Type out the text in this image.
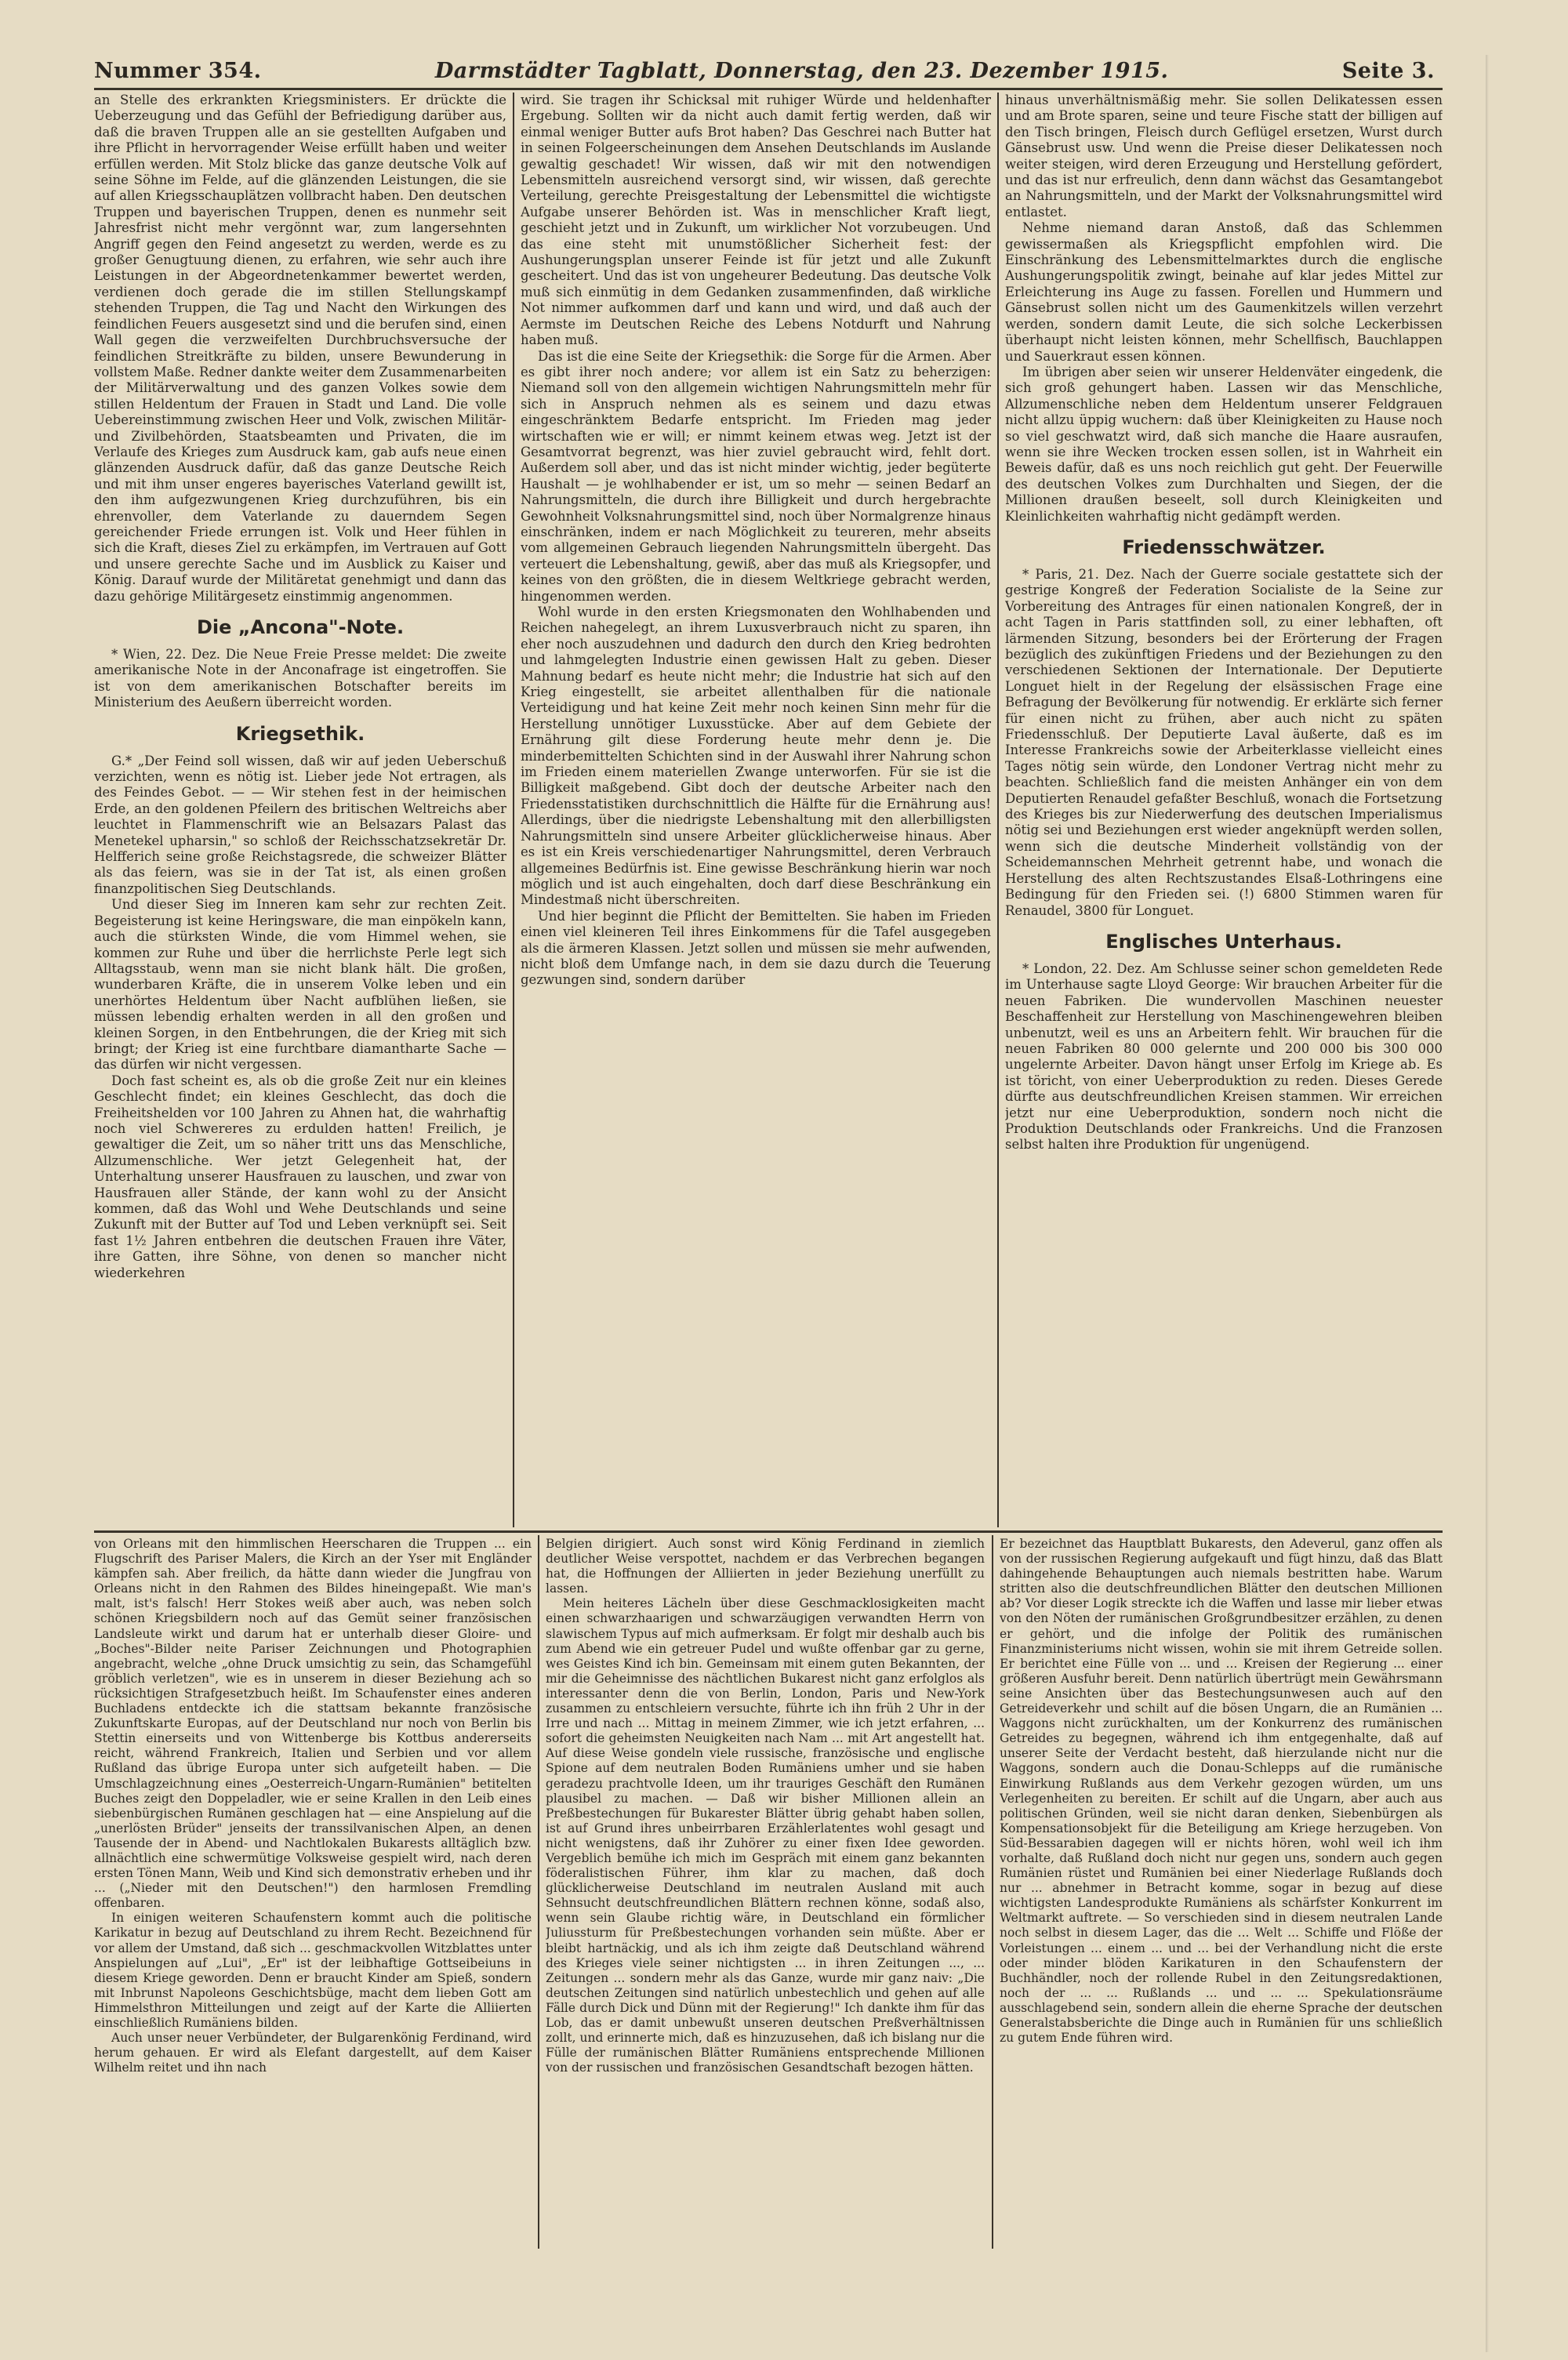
Nummer 354.	Darmstädter Tagblatt, Donnerstag, den 23. Dezember 1915.	Seite 3.

an Stelle des erkrankten Kriegsministers. Er drückte die Ueberzeugung und das Gefühl der Befriedigung darüber aus, daß die braven Truppen alle an sie gestellten Aufgaben und ihre Pflicht in hervorragender Weise erfüllt haben und weiter erfüllen werden. Mit Stolz blicke das ganze deutsche Volk auf seine Söhne im Felde, auf die glänzenden Leistungen, die sie auf allen Kriegsschauplätzen vollbracht haben. Den deutschen Truppen und bayerischen Truppen, denen es nunmehr seit Jahresfrist nicht mehr vergönnt war, zum langersehnten Angriff gegen den Feind angesetzt zu werden, werde es zu großer Genugtuung dienen, zu erfahren, wie sehr auch ihre Leistungen in der Abgeordnetenkammer bewertet werden, verdienen doch gerade die im stillen Stellungskampf stehenden Truppen, die Tag und Nacht den Wirkungen des feindlichen Feuers ausgesetzt sind und die berufen sind, einen Wall gegen die verzweifelten Durchbruchsversuche der feindlichen Streitkräfte zu bilden, unsere Bewunderung in vollstem Maße. Redner dankte weiter dem Zusammenarbeiten der Militärverwaltung und des ganzen Volkes sowie dem stillen Heldentum der Frauen in Stadt und Land. Die volle Uebereinstimmung zwischen Heer und Volk, zwischen Militär- und Zivilbehörden, Staatsbeamten und Privaten, die im Verlaufe des Krieges zum Ausdruck kam, gab aufs neue einen glänzenden Ausdruck dafür, daß das ganze Deutsche Reich und mit ihm unser engeres bayerisches Vaterland gewillt ist, den ihm aufgezwungenen Krieg durchzuführen, bis ein ehrenvoller, dem Vaterlande zu dauerndem Segen gereichender Friede errungen ist. Volk und Heer fühlen in sich die Kraft, dieses Ziel zu erkämpfen, im Vertrauen auf Gott und unsere gerechte Sache und im Ausblick zu Kaiser und König. Darauf wurde der Militäretat genehmigt und dann das dazu gehörige Militärgesetz einstimmig angenommen.

Die „Ancona"-Note.

* Wien, 22. Dez. Die Neue Freie Presse meldet: Die zweite amerikanische Note in der Anconafrage ist eingetroffen. Sie ist von dem amerikanischen Botschafter bereits im Ministerium des Aeußern überreicht worden.

Kriegsethik.

G.* „Der Feind soll wissen, daß wir auf jeden Ueberschuß verzichten, wenn es nötig ist. Lieber jede Not ertragen, als des Feindes Gebot. — — Wir stehen fest in der heimischen Erde, an den goldenen Pfeilern des britischen Weltreichs aber leuchtet in Flammenschrift wie an Belsazars Palast das Menetekel upharsin," so schloß der Reichsschatzsekretär Dr. Helfferich seine große Reichstagsrede, die schweizer Blätter als das feiern, was sie in der Tat ist, als einen großen finanzpolitischen Sieg Deutschlands.

Und dieser Sieg im Inneren kam sehr zur rechten Zeit. Begeisterung ist keine Heringsware, die man einpökeln kann, auch die stürksten Winde, die vom Himmel wehen, sie kommen zur Ruhe und über die herrlichste Perle legt sich Alltagsstaub, wenn man sie nicht blank hält. Die großen, wunderbaren Kräfte, die in unserem Volke leben und ein unerhörtes Heldentum über Nacht aufblühen ließen, sie müssen lebendig erhalten werden in all den großen und kleinen Sorgen, in den Entbehrungen, die der Krieg mit sich bringt; der Krieg ist eine furchtbare diamantharte Sache — das dürfen wir nicht vergessen.

Doch fast scheint es, als ob die große Zeit nur ein kleines Geschlecht findet; ein kleines Geschlecht, das doch die Freiheitshelden vor 100 Jahren zu Ahnen hat, die wahrhaftig noch viel Schwereres zu erdulden hatten! Freilich, je gewaltiger die Zeit, um so näher tritt uns das Menschliche, Allzumenschliche. Wer jetzt Gelegenheit hat, der Unterhaltung unserer Hausfrauen zu lauschen, und zwar von Hausfrauen aller Stände, der kann wohl zu der Ansicht kommen, daß das Wohl und Wehe Deutschlands und seine Zukunft mit der Butter auf Tod und Leben verknüpft sei. Seit fast 1½ Jahren entbehren die deutschen Frauen ihre Väter, ihre Gatten, ihre Söhne, von denen so mancher nicht wiederkehren

wird. Sie tragen ihr Schicksal mit ruhiger Würde und heldenhafter Ergebung. Sollten wir da nicht auch damit fertig werden, daß wir einmal weniger Butter aufs Brot haben? Das Geschrei nach Butter hat in seinen Folgeerscheinungen dem Ansehen Deutschlands im Auslande gewaltig geschadet! Wir wissen, daß wir mit den notwendigen Lebensmitteln ausreichend versorgt sind, wir wissen, daß gerechte Verteilung, gerechte Preisgestaltung der Lebensmittel die wichtigste Aufgabe unserer Behörden ist. Was in menschlicher Kraft liegt, geschieht jetzt und in Zukunft, um wirklicher Not vorzubeugen. Und das eine steht mit unumstößlicher Sicherheit fest: der Aushungerungsplan unserer Feinde ist für jetzt und alle Zukunft gescheitert. Und das ist von ungeheurer Bedeutung. Das deutsche Volk muß sich einmütig in dem Gedanken zusammenfinden, daß wirkliche Not nimmer aufkommen darf und kann und wird, und daß auch der Aermste im Deutschen Reiche des Lebens Notdurft und Nahrung haben muß.

Das ist die eine Seite der Kriegsethik: die Sorge für die Armen. Aber es gibt ihrer noch andere; vor allem ist ein Satz zu beherzigen: Niemand soll von den allgemein wichtigen Nahrungsmitteln mehr für sich in Anspruch nehmen als es seinem und dazu etwas eingeschränktem Bedarfe entspricht. Im Frieden mag jeder wirtschaften wie er will; er nimmt keinem etwas weg. Jetzt ist der Gesamtvorrat begrenzt, was hier zuviel gebraucht wird, fehlt dort. Außerdem soll aber, und das ist nicht minder wichtig, jeder begüterte Haushalt — je wohlhabender er ist, um so mehr — seinen Bedarf an Nahrungsmitteln, die durch ihre Billigkeit und durch hergebrachte Gewohnheit Volksnahrungsmittel sind, noch über Normalgrenze hinaus einschränken, indem er nach Möglichkeit zu teureren, mehr abseits vom allgemeinen Gebrauch liegenden Nahrungsmitteln übergeht. Das verteuert die Lebenshaltung, gewiß, aber das muß als Kriegsopfer, und keines von den größten, die in diesem Weltkriege gebracht werden, hingenommen werden.

Wohl wurde in den ersten Kriegsmonaten den Wohlhabenden und Reichen nahegelegt, an ihrem Luxusverbrauch nicht zu sparen, ihn eher noch auszudehnen und dadurch den durch den Krieg bedrohten und lahmgelegten Industrie einen gewissen Halt zu geben. Dieser Mahnung bedarf es heute nicht mehr; die Industrie hat sich auf den Krieg eingestellt, sie arbeitet allenthalben für die nationale Verteidigung und hat keine Zeit mehr noch keinen Sinn mehr für die Herstellung unnötiger Luxusstücke. Aber auf dem Gebiete der Ernährung gilt diese Forderung heute mehr denn je. Die minderbemittelten Schichten sind in der Auswahl ihrer Nahrung schon im Frieden einem materiellen Zwange unterworfen. Für sie ist die Billigkeit maßgebend. Gibt doch der deutsche Arbeiter nach den Friedensstatistiken durchschnittlich die Hälfte für die Ernährung aus! Allerdings, über die niedrigste Lebenshaltung mit den allerbilligsten Nahrungsmitteln sind unsere Arbeiter glücklicherweise hinaus. Aber es ist ein Kreis verschiedenartiger Nahrungsmittel, deren Verbrauch allgemeines Bedürfnis ist. Eine gewisse Beschränkung hierin war noch möglich und ist auch eingehalten, doch darf diese Beschränkung ein Mindestmaß nicht überschreiten.

Und hier beginnt die Pflicht der Bemittelten. Sie haben im Frieden einen viel kleineren Teil ihres Einkommens für die Tafel ausgegeben als die ärmeren Klassen. Jetzt sollen und müssen sie mehr aufwenden, nicht bloß dem Umfange nach, in dem sie dazu durch die Teuerung gezwungen sind, sondern darüber

hinaus unverhältnismäßig mehr. Sie sollen Delikatessen essen und am Brote sparen, seine und teure Fische statt der billigen auf den Tisch bringen, Fleisch durch Geflügel ersetzen, Wurst durch Gänsebrust usw. Und wenn die Preise dieser Delikatessen noch weiter steigen, wird deren Erzeugung und Herstellung gefördert, und das ist nur erfreulich, denn dann wächst das Gesamtangebot an Nahrungsmitteln, und der Markt der Volksnahrungsmittel wird entlastet.

Nehme niemand daran Anstoß, daß das Schlemmen gewissermaßen als Kriegspflicht empfohlen wird. Die Einschränkung des Lebensmittelmarktes durch die englische Aushungerungspolitik zwingt, beinahe auf klar jedes Mittel zur Erleichterung ins Auge zu fassen. Forellen und Hummern und Gänsebrust sollen nicht um des Gaumenkitzels willen verzehrt werden, sondern damit Leute, die sich solche Leckerbissen überhaupt nicht leisten können, mehr Schellfisch, Bauchlappen und Sauerkraut essen können.

Im übrigen aber seien wir unserer Heldenväter eingedenk, die sich groß gehungert haben. Lassen wir das Menschliche, Allzumenschliche neben dem Heldentum unserer Feldgrauen nicht allzu üppig wuchern: daß über Kleinigkeiten zu Hause noch so viel geschwatzt wird, daß sich manche die Haare ausraufen, wenn sie ihre Wecken trocken essen sollen, ist in Wahrheit ein Beweis dafür, daß es uns noch reichlich gut geht. Der Feuerwille des deutschen Volkes zum Durchhalten und Siegen, der die Millionen draußen beseelt, soll durch Kleinigkeiten und Kleinlichkeiten wahrhaftig nicht gedämpft werden.

Friedensschwätzer.

* Paris, 21. Dez. Nach der Guerre sociale gestattete sich der gestrige Kongreß der Federation Socialiste de la Seine zur Vorbereitung des Antrages für einen nationalen Kongreß, der in acht Tagen in Paris stattfinden soll, zu einer lebhaften, oft lärmenden Sitzung, besonders bei der Erörterung der Fragen bezüglich des zukünftigen Friedens und der Beziehungen zu den verschiedenen Sektionen der Internationale. Der Deputierte Longuet hielt in der Regelung der elsässischen Frage eine Befragung der Bevölkerung für notwendig. Er erklärte sich ferner für einen nicht zu frühen, aber auch nicht zu späten Friedensschluß. Der Deputierte Laval äußerte, daß es im Interesse Frankreichs sowie der Arbeiterklasse vielleicht eines Tages nötig sein würde, den Londoner Vertrag nicht mehr zu beachten. Schließlich fand die meisten Anhänger ein von dem Deputierten Renaudel gefaßter Beschluß, wonach die Fortsetzung des Krieges bis zur Niederwerfung des deutschen Imperialismus nötig sei und Beziehungen erst wieder angeknüpft werden sollen, wenn sich die deutsche Minderheit vollständig von der Scheidemannschen Mehrheit getrennt habe, und wonach die Herstellung des alten Rechtszustandes Elsaß-Lothringens eine Bedingung für den Frieden sei. (!) 6800 Stimmen waren für Renaudel, 3800 für Longuet.

Englisches Unterhaus.

* London, 22. Dez. Am Schlusse seiner schon gemeldeten Rede im Unterhause sagte Lloyd George: Wir brauchen Arbeiter für die neuen Fabriken. Die wundervollen Maschinen neuester Beschaffenheit zur Herstellung von Maschinengewehren bleiben unbenutzt, weil es uns an Arbeitern fehlt. Wir brauchen für die neuen Fabriken 80 000 gelernte und 200 000 bis 300 000 ungelernte Arbeiter. Davon hängt unser Erfolg im Kriege ab. Es ist töricht, von einer Ueberproduktion zu reden. Dieses Gerede dürfte aus deutschfreundlichen Kreisen stammen. Wir erreichen jetzt nur eine Ueberproduktion, sondern noch nicht die Produktion Deutschlands oder Frankreichs. Und die Franzosen selbst halten ihre Produktion für ungenügend.

von Orleans mit den himmlischen Heerscharen die Truppen ... ein Flugschrift des Pariser Malers, die Kirch an der Yser mit Engländer kämpfen sah. Aber freilich, da hätte dann wieder die Jungfrau von Orleans nicht in den Rahmen des Bildes hineingepaßt. Wie man's malt, ist's falsch! Herr Stokes weiß aber auch, was neben solch schönen Kriegsbildern noch auf das Gemüt seiner französischen Landsleute wirkt und darum hat er unterhalb dieser Gloire- und „Boches"-Bilder neite Pariser Zeichnungen und Photographien angebracht, welche „ohne Druck umsichtig zu sein, das Schamgefühl gröblich verletzen", wie es in unserem in dieser Beziehung ach so rücksichtigen Strafgesetzbuch heißt. Im Schaufenster eines anderen Buchladens entdeckte ich die stattsam bekannte französische Zukunftskarte Europas, auf der Deutschland nur noch von Berlin bis Stettin einerseits und von Wittenberge bis Kottbus andererseits reicht, während Frankreich, Italien und Serbien und vor allem Rußland das übrige Europa unter sich aufgeteilt haben. — Die Umschlagzeichnung eines „Oesterreich-Ungarn-Rumänien" betitelten Buches zeigt den Doppeladler, wie er seine Krallen in den Leib eines siebenbürgischen Rumänen geschlagen hat — eine Anspielung auf die „unerlösten Brüder" jenseits der transsilvanischen Alpen, an denen Tausende der in Abend- und Nachtlokalen Bukarests alltäglich bzw. allnächtlich eine schwermütige Volksweise gespielt wird, nach deren ersten Tönen Mann, Weib und Kind sich demonstrativ erheben und ihr ... („Nieder mit den Deutschen!") den harmlosen Fremdling offenbaren.

In einigen weiteren Schaufenstern kommt auch die politische Karikatur in bezug auf Deutschland zu ihrem Recht. Bezeichnend für vor allem der Umstand, daß sich ... geschmackvollen Witzblattes unter Anspielungen auf „Lui", „Er" ist der leibhaftige Gottseibeiuns in diesem Kriege geworden. Denn er braucht Kinder am Spieß, sondern mit Inbrunst Napoleons Geschichtsbüge, macht dem lieben Gott am Himmelsthron Mitteilungen und zeigt auf der Karte die Alliierten einschließlich Rumäniens bilden.

Auch unser neuer Verbündeter, der Bulgarenkönig Ferdinand, wird herum gehauen. Er wird als Elefant dargestellt, auf dem Kaiser Wilhelm reitet und ihn nach

Belgien dirigiert. Auch sonst wird König Ferdinand in ziemlich deutlicher Weise verspottet, nachdem er das Verbrechen begangen hat, die Hoffnungen der Alliierten in jeder Beziehung unerfüllt zu lassen.

Mein heiteres Lächeln über diese Geschmacklosigkeiten macht einen schwarzhaarigen und schwarzäugigen verwandten Herrn von slawischem Typus auf mich aufmerksam. Er folgt mir deshalb auch bis zum Abend wie ein getreuer Pudel und wußte offenbar gar zu gerne, wes Geistes Kind ich bin. Gemeinsam mit einem guten Bekannten, der mir die Geheimnisse des nächtlichen Bukarest nicht ganz erfolglos als interessanter denn die von Berlin, London, Paris und New-York zusammen zu entschleiern versuchte, führte ich ihn früh 2 Uhr in der Irre und nach ... Mittag in meinem Zimmer, wie ich jetzt erfahren, ... sofort die geheimsten Neuigkeiten nach Nam ... mit Art angestellt hat. Auf diese Weise gondeln viele russische, französische und englische Spione auf dem neutralen Boden Rumäniens umher und sie haben geradezu prachtvolle Ideen, um ihr trauriges Geschäft den Rumänen plausibel zu machen. — Daß wir bisher Millionen allein an Preßbestechungen für Bukarester Blätter übrig gehabt haben sollen, ist auf Grund ihres unbeirrbaren Erzählerlatentes wohl gesagt und nicht wenigstens, daß ihr Zuhörer zu einer fixen Idee geworden. Vergeblich bemühe ich mich im Gespräch mit einem ganz bekannten föderalistischen Führer, ihm klar zu machen, daß doch glücklicherweise Deutschland im neutralen Ausland mit auch Sehnsucht deutschfreundlichen Blättern rechnen könne, sodaß also, wenn sein Glaube richtig wäre, in Deutschland ein förmlicher Juliussturm für Preßbestechungen vorhanden sein müßte. Aber er bleibt hartnäckig, und als ich ihm zeigte daß Deutschland während des Krieges viele seiner nichtigsten ... in ihren Zeitungen ..., ... Zeitungen ... sondern mehr als das Ganze, wurde mir ganz naiv: „Die deutschen Zeitungen sind natürlich unbestechlich und gehen auf alle Fälle durch Dick und Dünn mit der Regierung!" Ich dankte ihm für das Lob, das er damit unbewußt unseren deutschen Preßverhältnissen zollt, und erinnerte mich, daß es hinzuzusehen, daß ich bislang nur die Fülle der rumänischen Blätter Rumäniens entsprechende Millionen von der russischen und französischen Gesandtschaft bezogen hätten.

Er bezeichnet das Hauptblatt Bukarests, den Adeverul, ganz offen als von der russischen Regierung aufgekauft und fügt hinzu, daß das Blatt dahingehende Behauptungen auch niemals bestritten habe. Warum stritten also die deutschfreundlichen Blätter den deutschen Millionen ab? Vor dieser Logik streckte ich die Waffen und lasse mir lieber etwas von den Nöten der rumänischen Großgrundbesitzer erzählen, zu denen er gehört, und die infolge der Politik des rumänischen Finanzministeriums nicht wissen, wohin sie mit ihrem Getreide sollen. Er berichtet eine Fülle von ... und ... Kreisen der Regierung ... einer größeren Ausfuhr bereit. Denn natürlich übertrügt mein Gewährsmann seine Ansichten über das Bestechungsunwesen auch auf den Getreideverkehr und schilt auf die bösen Ungarn, die an Rumänien ... Waggons nicht zurückhalten, um der Konkurrenz des rumänischen Getreides zu begegnen, während ich ihm entgegenhalte, daß auf unserer Seite der Verdacht besteht, daß hierzulande nicht nur die Waggons, sondern auch die Donau-Schlepps auf die rumänische Einwirkung Rußlands aus dem Verkehr gezogen würden, um uns Verlegenheiten zu bereiten. Er schilt auf die Ungarn, aber auch aus politischen Gründen, weil sie nicht daran denken, Siebenbürgen als Kompensationsobjekt für die Beteiligung am Kriege herzugeben. Von Süd-Bessarabien dagegen will er nichts hören, wohl weil ich ihm vorhalte, daß Rußland doch nicht nur gegen uns, sondern auch gegen Rumänien rüstet und Rumänien bei einer Niederlage Rußlands doch nur ... abnehmer in Betracht komme, sogar in bezug auf diese wichtigsten Landesprodukte Rumäniens als schärfster Konkurrent im Weltmarkt auftrete. — So verschieden sind in diesem neutralen Lande noch selbst in diesem Lager, das die ... Welt ... Schiffe und Flöße der Vorleistungen ... einem ... und ... bei der Verhandlung nicht die erste oder minder blöden Karikaturen in den Schaufenstern der Buchhändler, noch der rollende Rubel in den Zeitungsredaktionen, noch der ... ... Rußlands ... und ... ... Spekulationsräume ausschlagebend sein, sondern allein die eherne Sprache der deutschen Generalstabsberichte die Dinge auch in Rumänien für uns schließlich zu gutem Ende führen wird.
